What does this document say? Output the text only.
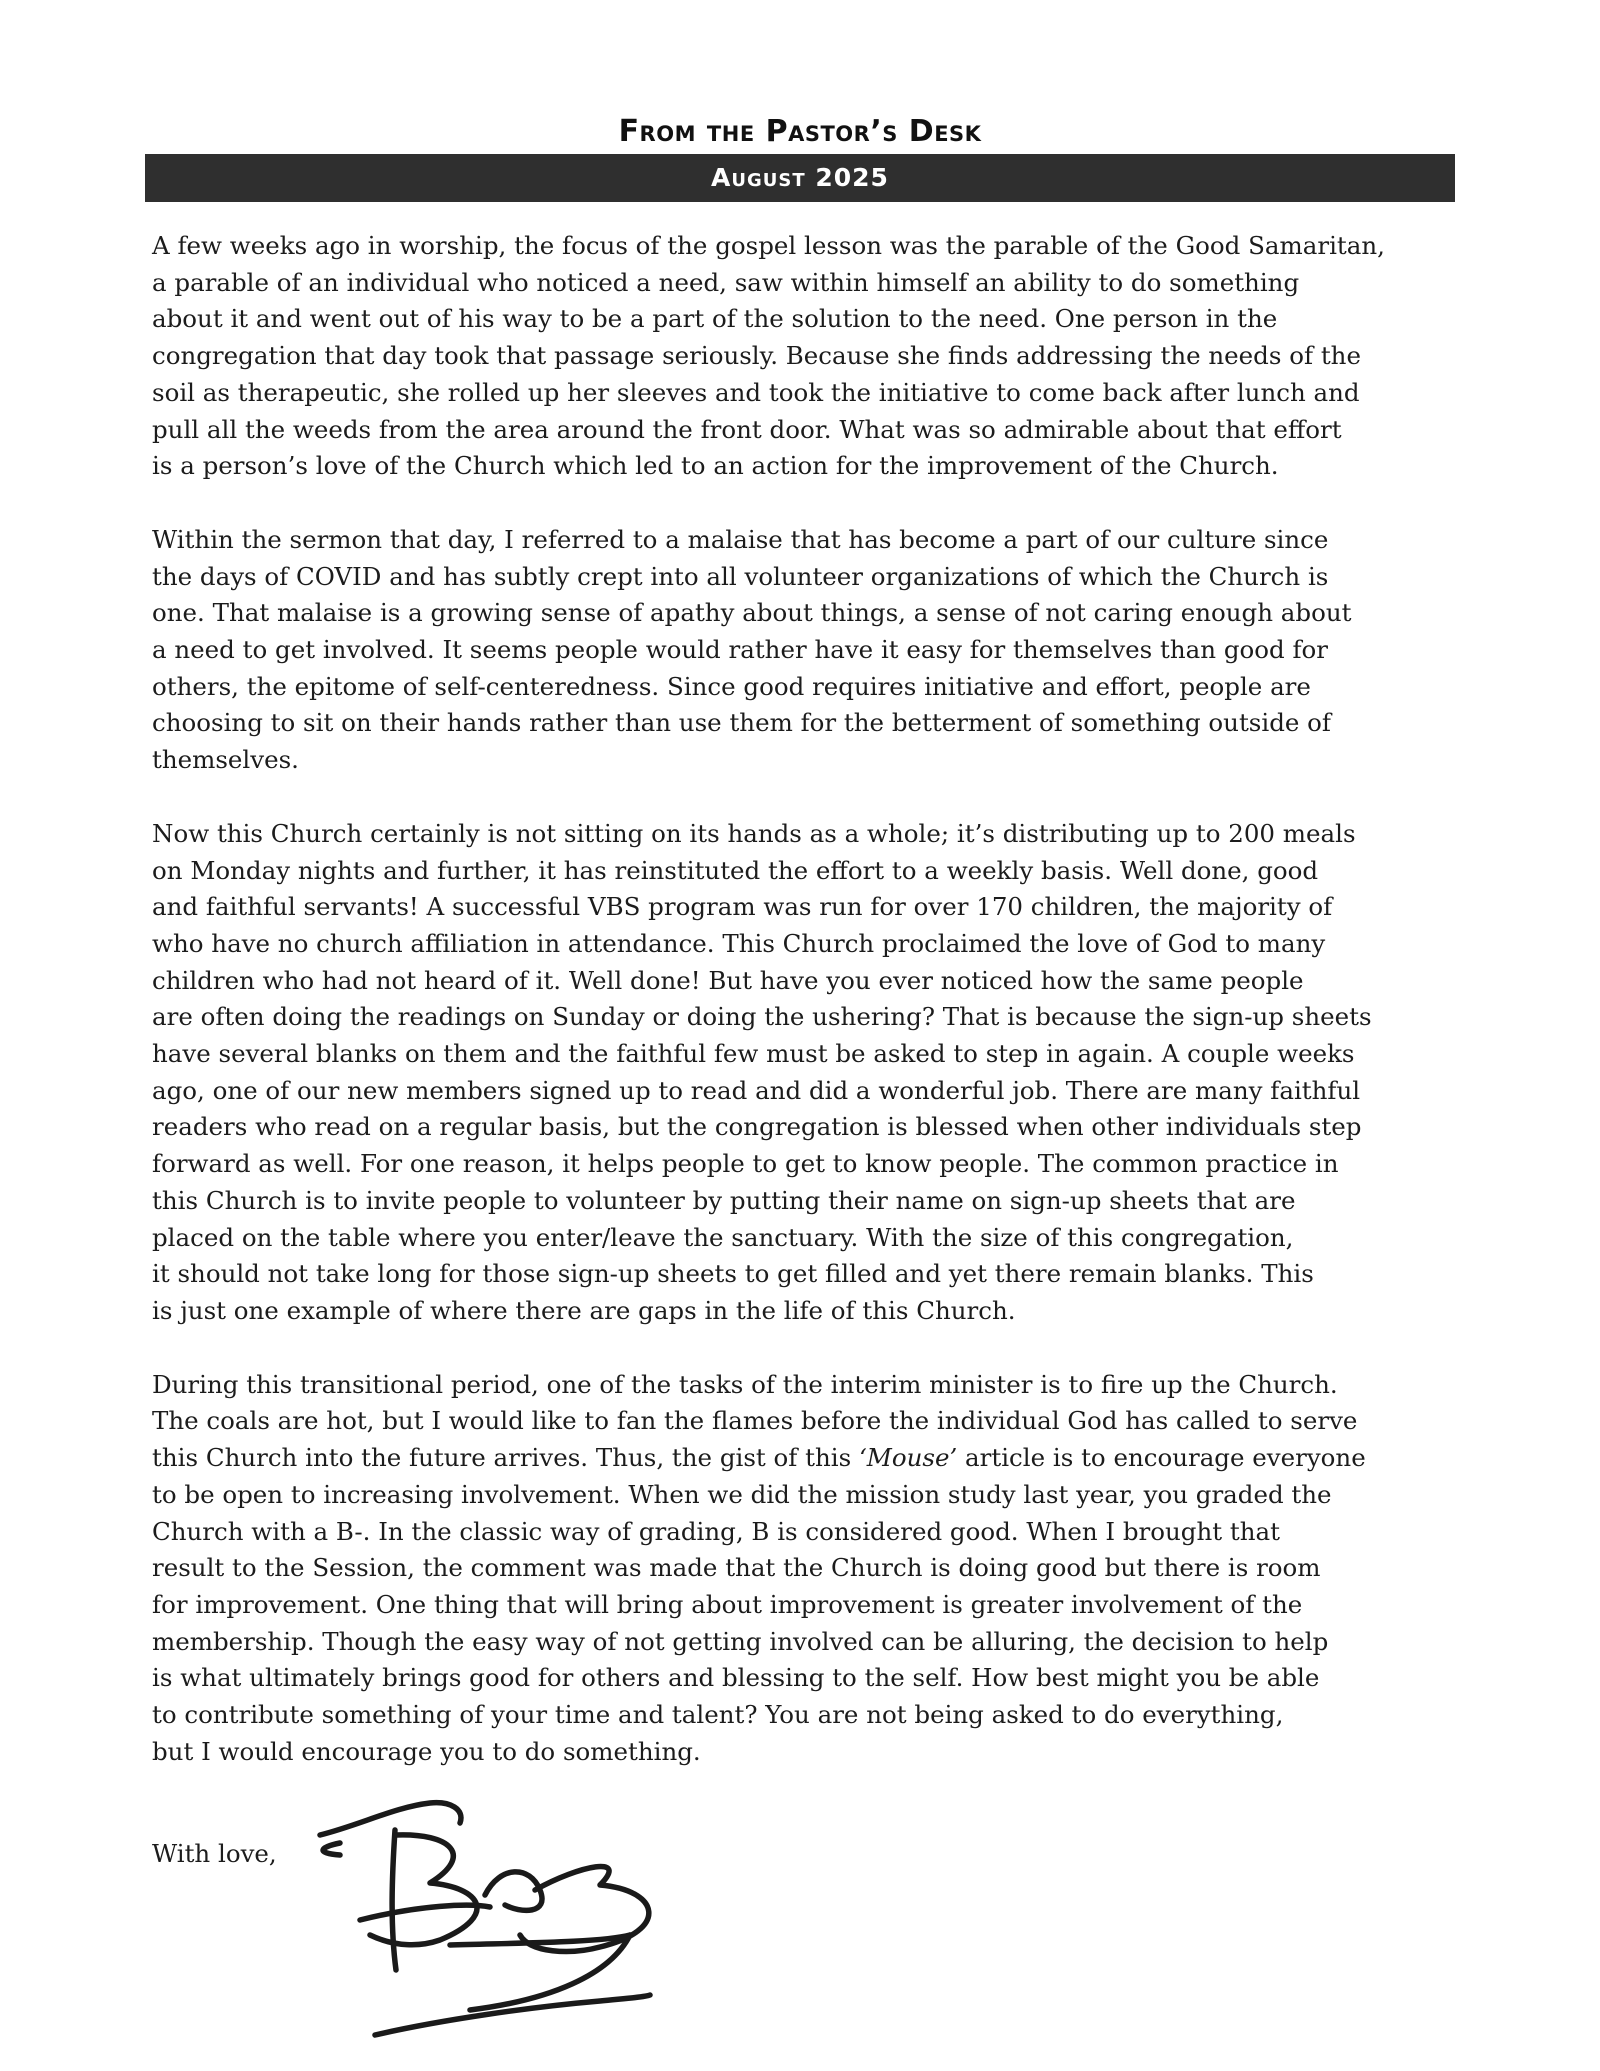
From the Pastor’s Desk
August 2025
A few weeks ago in worship, the focus of the gospel lesson was the parable of the Good Samaritan,
a parable of an individual who noticed a need, saw within himself an ability to do something
about it and went out of his way to be a part of the solution to the need. One person in the
congregation that day took that passage seriously. Because she finds addressing the needs of the
soil as therapeutic, she rolled up her sleeves and took the initiative to come back after lunch and
pull all the weeds from the area around the front door. What was so admirable about that effort
is a person’s love of the Church which led to an action for the improvement of the Church.
Within the sermon that day, I referred to a malaise that has become a part of our culture since
the days of COVID and has subtly crept into all volunteer organizations of which the Church is
one. That malaise is a growing sense of apathy about things, a sense of not caring enough about
a need to get involved. It seems people would rather have it easy for themselves than good for
others, the epitome of self-centeredness. Since good requires initiative and effort, people are
choosing to sit on their hands rather than use them for the betterment of something outside of
themselves.
Now this Church certainly is not sitting on its hands as a whole; it’s distributing up to 200 meals
on Monday nights and further, it has reinstituted the effort to a weekly basis. Well done, good
and faithful servants! A successful VBS program was run for over 170 children, the majority of
who have no church affiliation in attendance. This Church proclaimed the love of God to many
children who had not heard of it. Well done! But have you ever noticed how the same people
are often doing the readings on Sunday or doing the ushering? That is because the sign-up sheets
have several blanks on them and the faithful few must be asked to step in again. A couple weeks
ago, one of our new members signed up to read and did a wonderful job. There are many faithful
readers who read on a regular basis, but the congregation is blessed when other individuals step
forward as well. For one reason, it helps people to get to know people. The common practice in
this Church is to invite people to volunteer by putting their name on sign-up sheets that are
placed on the table where you enter/leave the sanctuary. With the size of this congregation,
it should not take long for those sign-up sheets to get filled and yet there remain blanks. This
is just one example of where there are gaps in the life of this Church.
During this transitional period, one of the tasks of the interim minister is to fire up the Church.
The coals are hot, but I would like to fan the flames before the individual God has called to serve
this Church into the future arrives. Thus, the gist of this ‘Mouse’ article is to encourage everyone
to be open to increasing involvement. When we did the mission study last year, you graded the
Church with a B-. In the classic way of grading, B is considered good. When I brought that
result to the Session, the comment was made that the Church is doing good but there is room
for improvement. One thing that will bring about improvement is greater involvement of the
membership. Though the easy way of not getting involved can be alluring, the decision to help
is what ultimately brings good for others and blessing to the self. How best might you be able
to contribute something of your time and talent? You are not being asked to do everything,
but I would encourage you to do something.
With love,
